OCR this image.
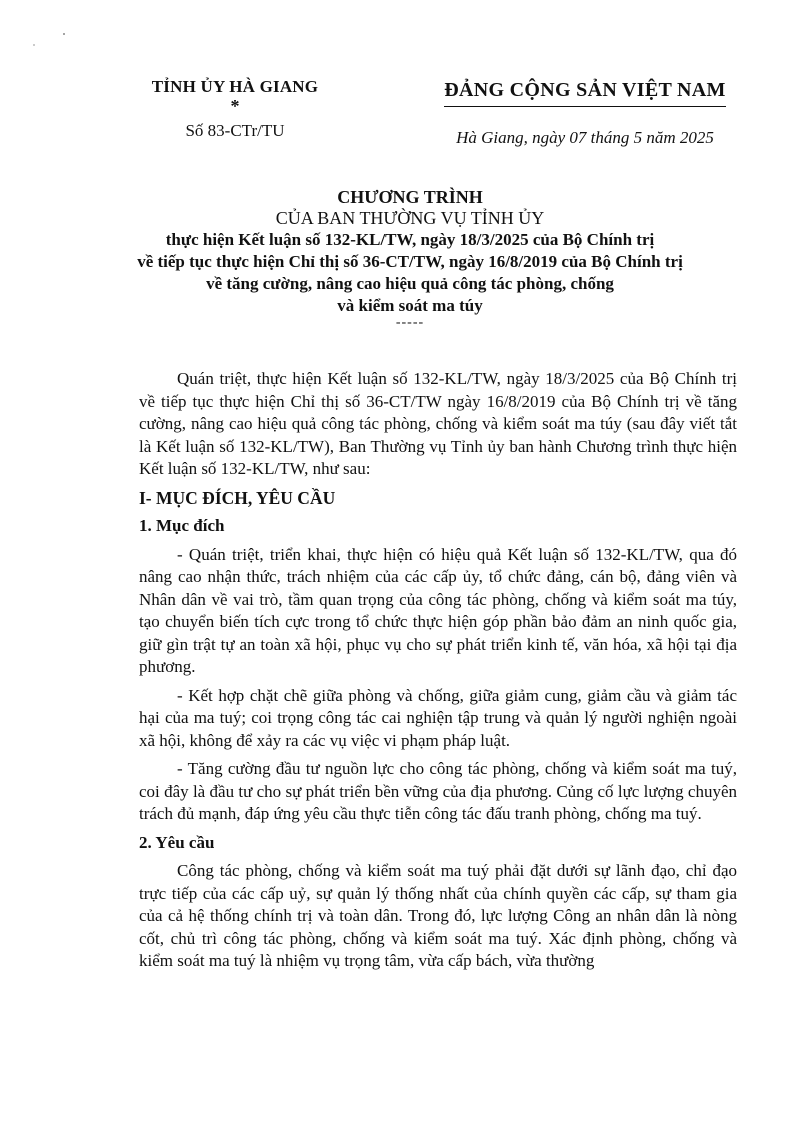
TỈNH ỦY HÀ GIANG
*
Số 83-CTr/TU
ĐẢNG CỘNG SẢN VIỆT NAM
Hà Giang, ngày 07 tháng 5 năm 2025
CHƯƠNG TRÌNH
CỦA BAN THƯỜNG VỤ TỈNH ỦY
thực hiện Kết luận số 132-KL/TW, ngày 18/3/2025 của Bộ Chính trị
về tiếp tục thực hiện Chỉ thị số 36-CT/TW, ngày 16/8/2019 của Bộ Chính trị
về tăng cường, nâng cao hiệu quả công tác phòng, chống
và kiểm soát ma túy
-----

Quán triệt, thực hiện Kết luận số 132-KL/TW, ngày 18/3/2025 của Bộ Chính trị về tiếp tục thực hiện Chỉ thị số 36-CT/TW ngày 16/8/2019 của Bộ Chính trị về tăng cường, nâng cao hiệu quả công tác phòng, chống và kiểm soát ma túy (sau đây viết tắt là Kết luận số 132-KL/TW), Ban Thường vụ Tỉnh ủy ban hành Chương trình thực hiện Kết luận số 132-KL/TW, như sau:

I- MỤC ĐÍCH, YÊU CẦU
1. Mục đích

- Quán triệt, triển khai, thực hiện có hiệu quả Kết luận số 132-KL/TW, qua đó nâng cao nhận thức, trách nhiệm của các cấp ủy, tổ chức đảng, cán bộ, đảng viên và Nhân dân về vai trò, tầm quan trọng của công tác phòng, chống và kiểm soát ma túy, tạo chuyển biến tích cực trong tổ chức thực hiện góp phần bảo đảm an ninh quốc gia, giữ gìn trật tự an toàn xã hội, phục vụ cho sự phát triển kinh tế, văn hóa, xã hội tại địa phương.

- Kết hợp chặt chẽ giữa phòng và chống, giữa giảm cung, giảm cầu và giảm tác hại của ma tuý; coi trọng công tác cai nghiện tập trung và quản lý người nghiện ngoài xã hội, không để xảy ra các vụ việc vi phạm pháp luật.

- Tăng cường đầu tư nguồn lực cho công tác phòng, chống và kiểm soát ma tuý, coi đây là đầu tư cho sự phát triển bền vững của địa phương. Củng cố lực lượng chuyên trách đủ mạnh, đáp ứng yêu cầu thực tiễn công tác đấu tranh phòng, chống ma tuý.

2. Yêu cầu

Công tác phòng, chống và kiểm soát ma tuý phải đặt dưới sự lãnh đạo, chỉ đạo trực tiếp của các cấp uỷ, sự quản lý thống nhất của chính quyền các cấp, sự tham gia của cả hệ thống chính trị và toàn dân. Trong đó, lực lượng Công an nhân dân là nòng cốt, chủ trì công tác phòng, chống và kiểm soát ma tuý. Xác định phòng, chống và kiểm soát ma tuý là nhiệm vụ trọng tâm, vừa cấp bách, vừa thường
